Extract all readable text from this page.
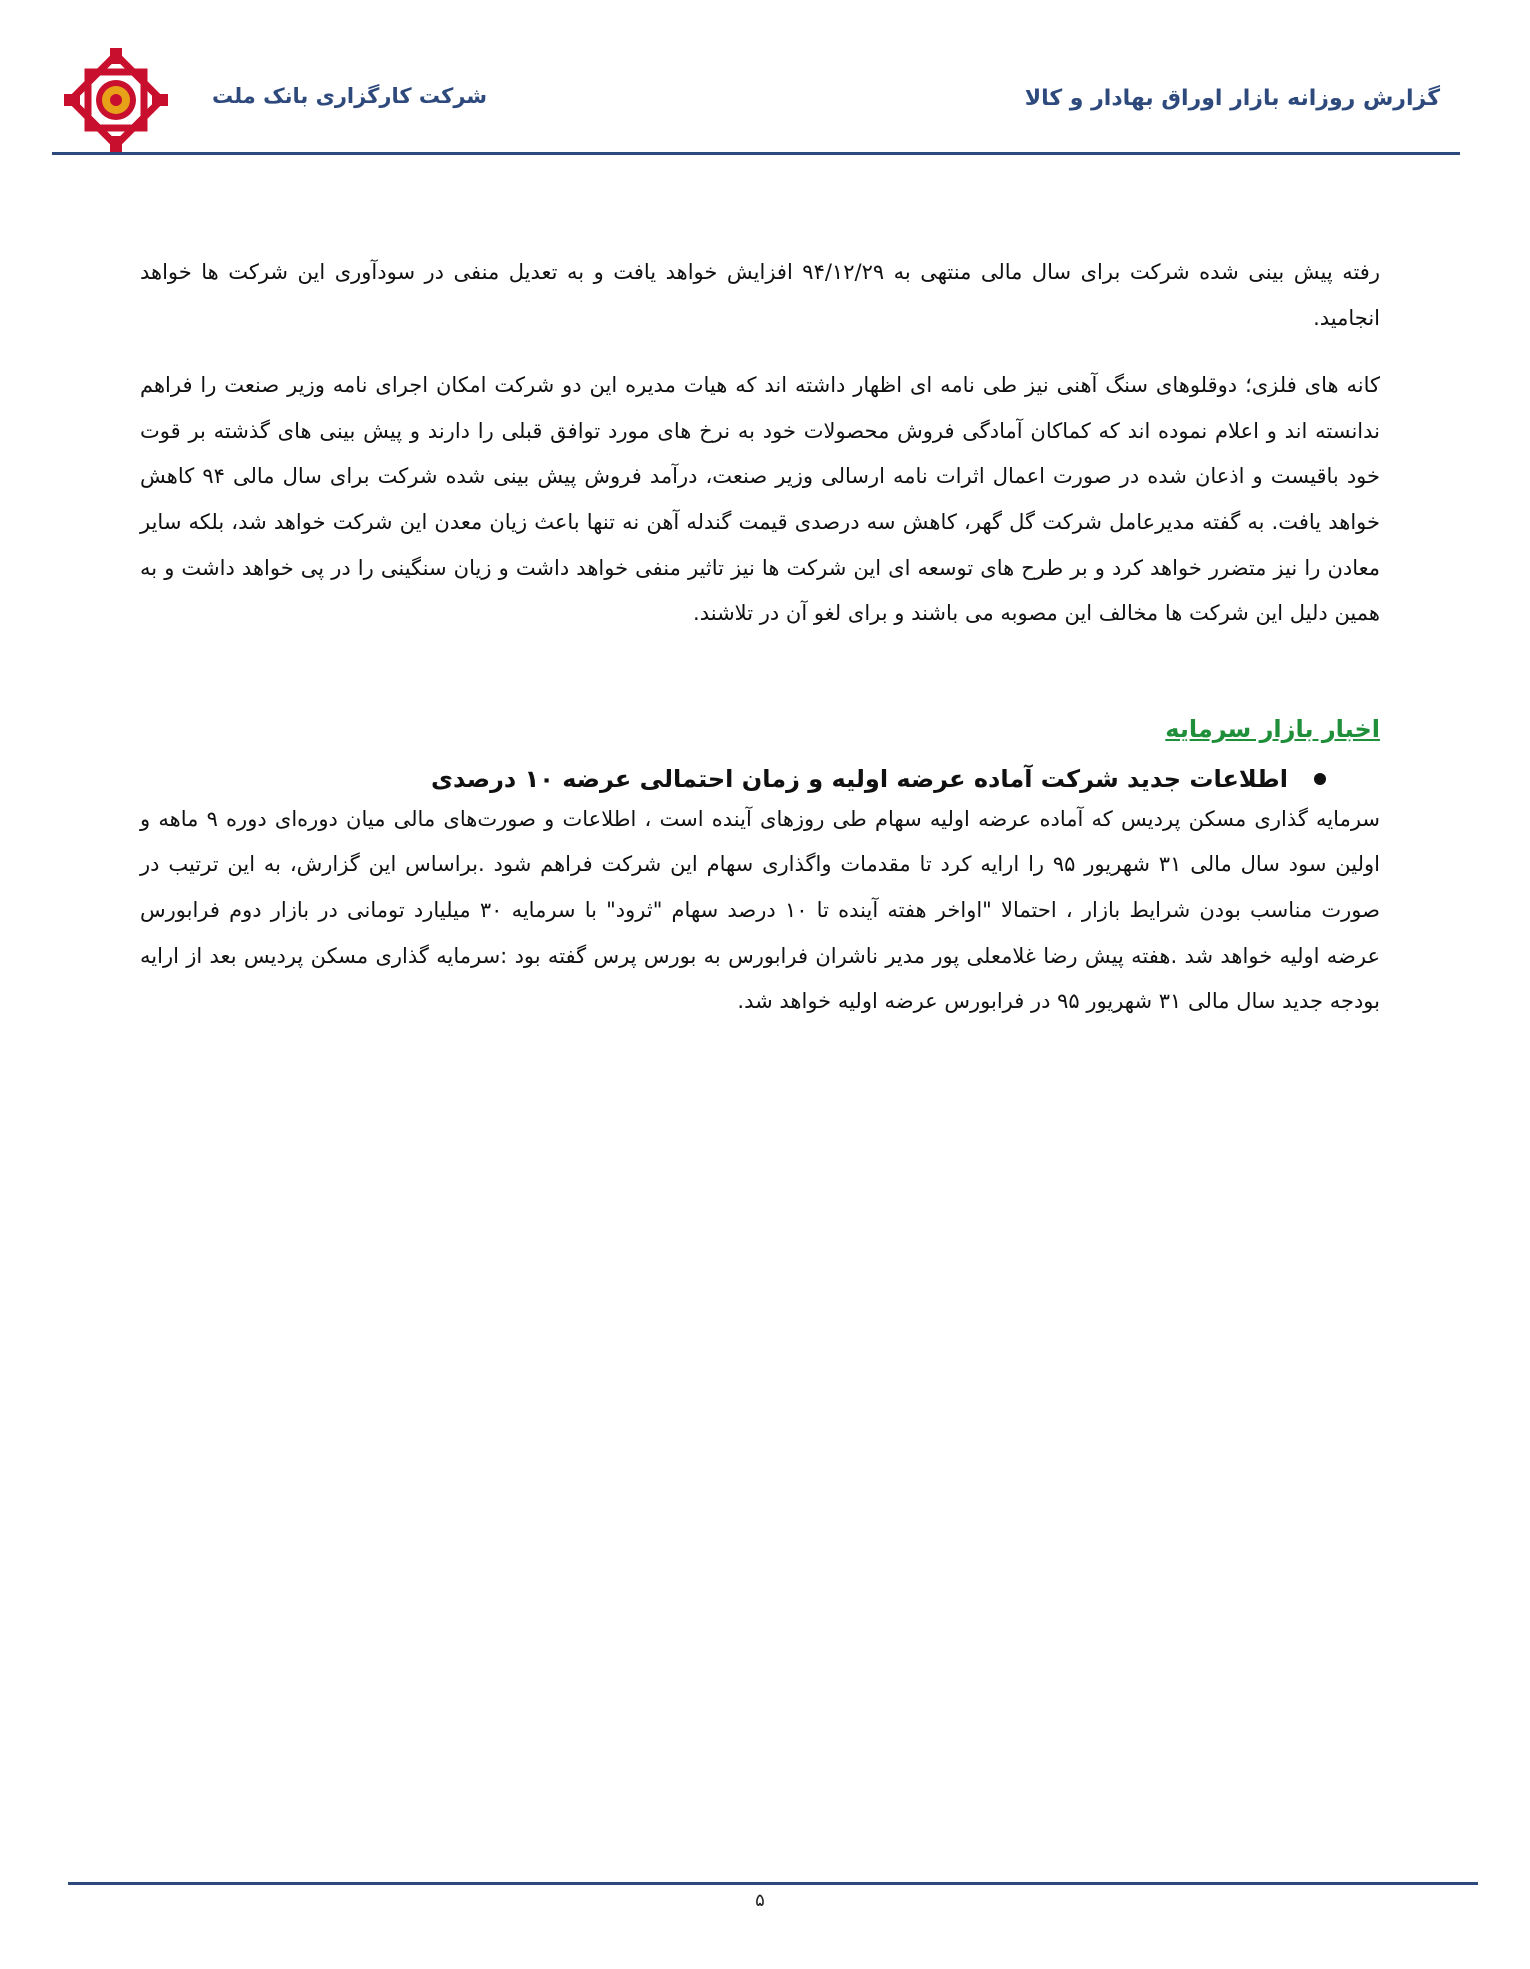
گزارش روزانه بازار اوراق بهادار و کالا
شرکت کارگزاری بانک ملت

رفته پیش بینی شده شرکت برای سال مالی منتهی به ۹۴/۱۲/۲۹ افزایش خواهد یافت و به تعدیل منفی در سودآوری این شرکت ها خواهد انجامید.

کانه های فلزی؛ دوقلوهای سنگ آهنی نیز طی نامه ای اظهار داشته اند که هیات مدیره این دو شرکت امکان اجرای نامه وزیر صنعت را فراهم ندانسته اند و اعلام نموده اند که کماکان آمادگی فروش محصولات خود به نرخ های مورد توافق قبلی را دارند و پیش بینی های گذشته بر قوت خود باقیست و اذعان شده در صورت اعمال اثرات نامه ارسالی وزیر صنعت، درآمد فروش پیش بینی شده شرکت برای سال مالی ۹۴ کاهش خواهد یافت. به گفته مدیرعامل شرکت گل گهر، کاهش سه درصدی قیمت گندله آهن نه تنها باعث زیان معدن این شرکت خواهد شد، بلکه سایر معادن را نیز متضرر خواهد کرد و بر طرح های توسعه ای این شرکت ها نیز تاثیر منفی خواهد داشت و زیان سنگینی را در پی خواهد داشت و به همین دلیل این شرکت ها مخالف این مصوبه می باشند و برای لغو آن در تلاشند.

اخبار بازار سرمایه
اطلاعات جدید شرکت آماده عرضه اولیه و زمان احتمالی عرضه ۱۰ درصدی

سرمایه گذاری مسکن پردیس که آماده عرضه اولیه سهام طی روزهای آینده است ، اطلاعات و صورت‌های مالی میان دوره‌ای دوره ۹ ماهه و اولین سود سال مالی ۳۱ شهریور ۹۵ را ارایه کرد تا مقدمات واگذاری سهام این شرکت فراهم شود .براساس این گزارش، به این ترتیب در صورت مناسب بودن شرایط بازار ، احتمالا "اواخر هفته آینده تا ۱۰ درصد سهام "ثرود" با سرمایه ۳۰ میلیارد تومانی در بازار دوم فرابورس عرضه اولیه خواهد شد .هفته پیش رضا غلامعلی پور مدیر ناشران فرابورس به بورس پرس گفته بود :سرمایه گذاری مسکن پردیس بعد از ارایه بودجه جدید سال مالی ۳۱ شهریور ۹۵ در فرابورس عرضه اولیه خواهد شد.

۵
